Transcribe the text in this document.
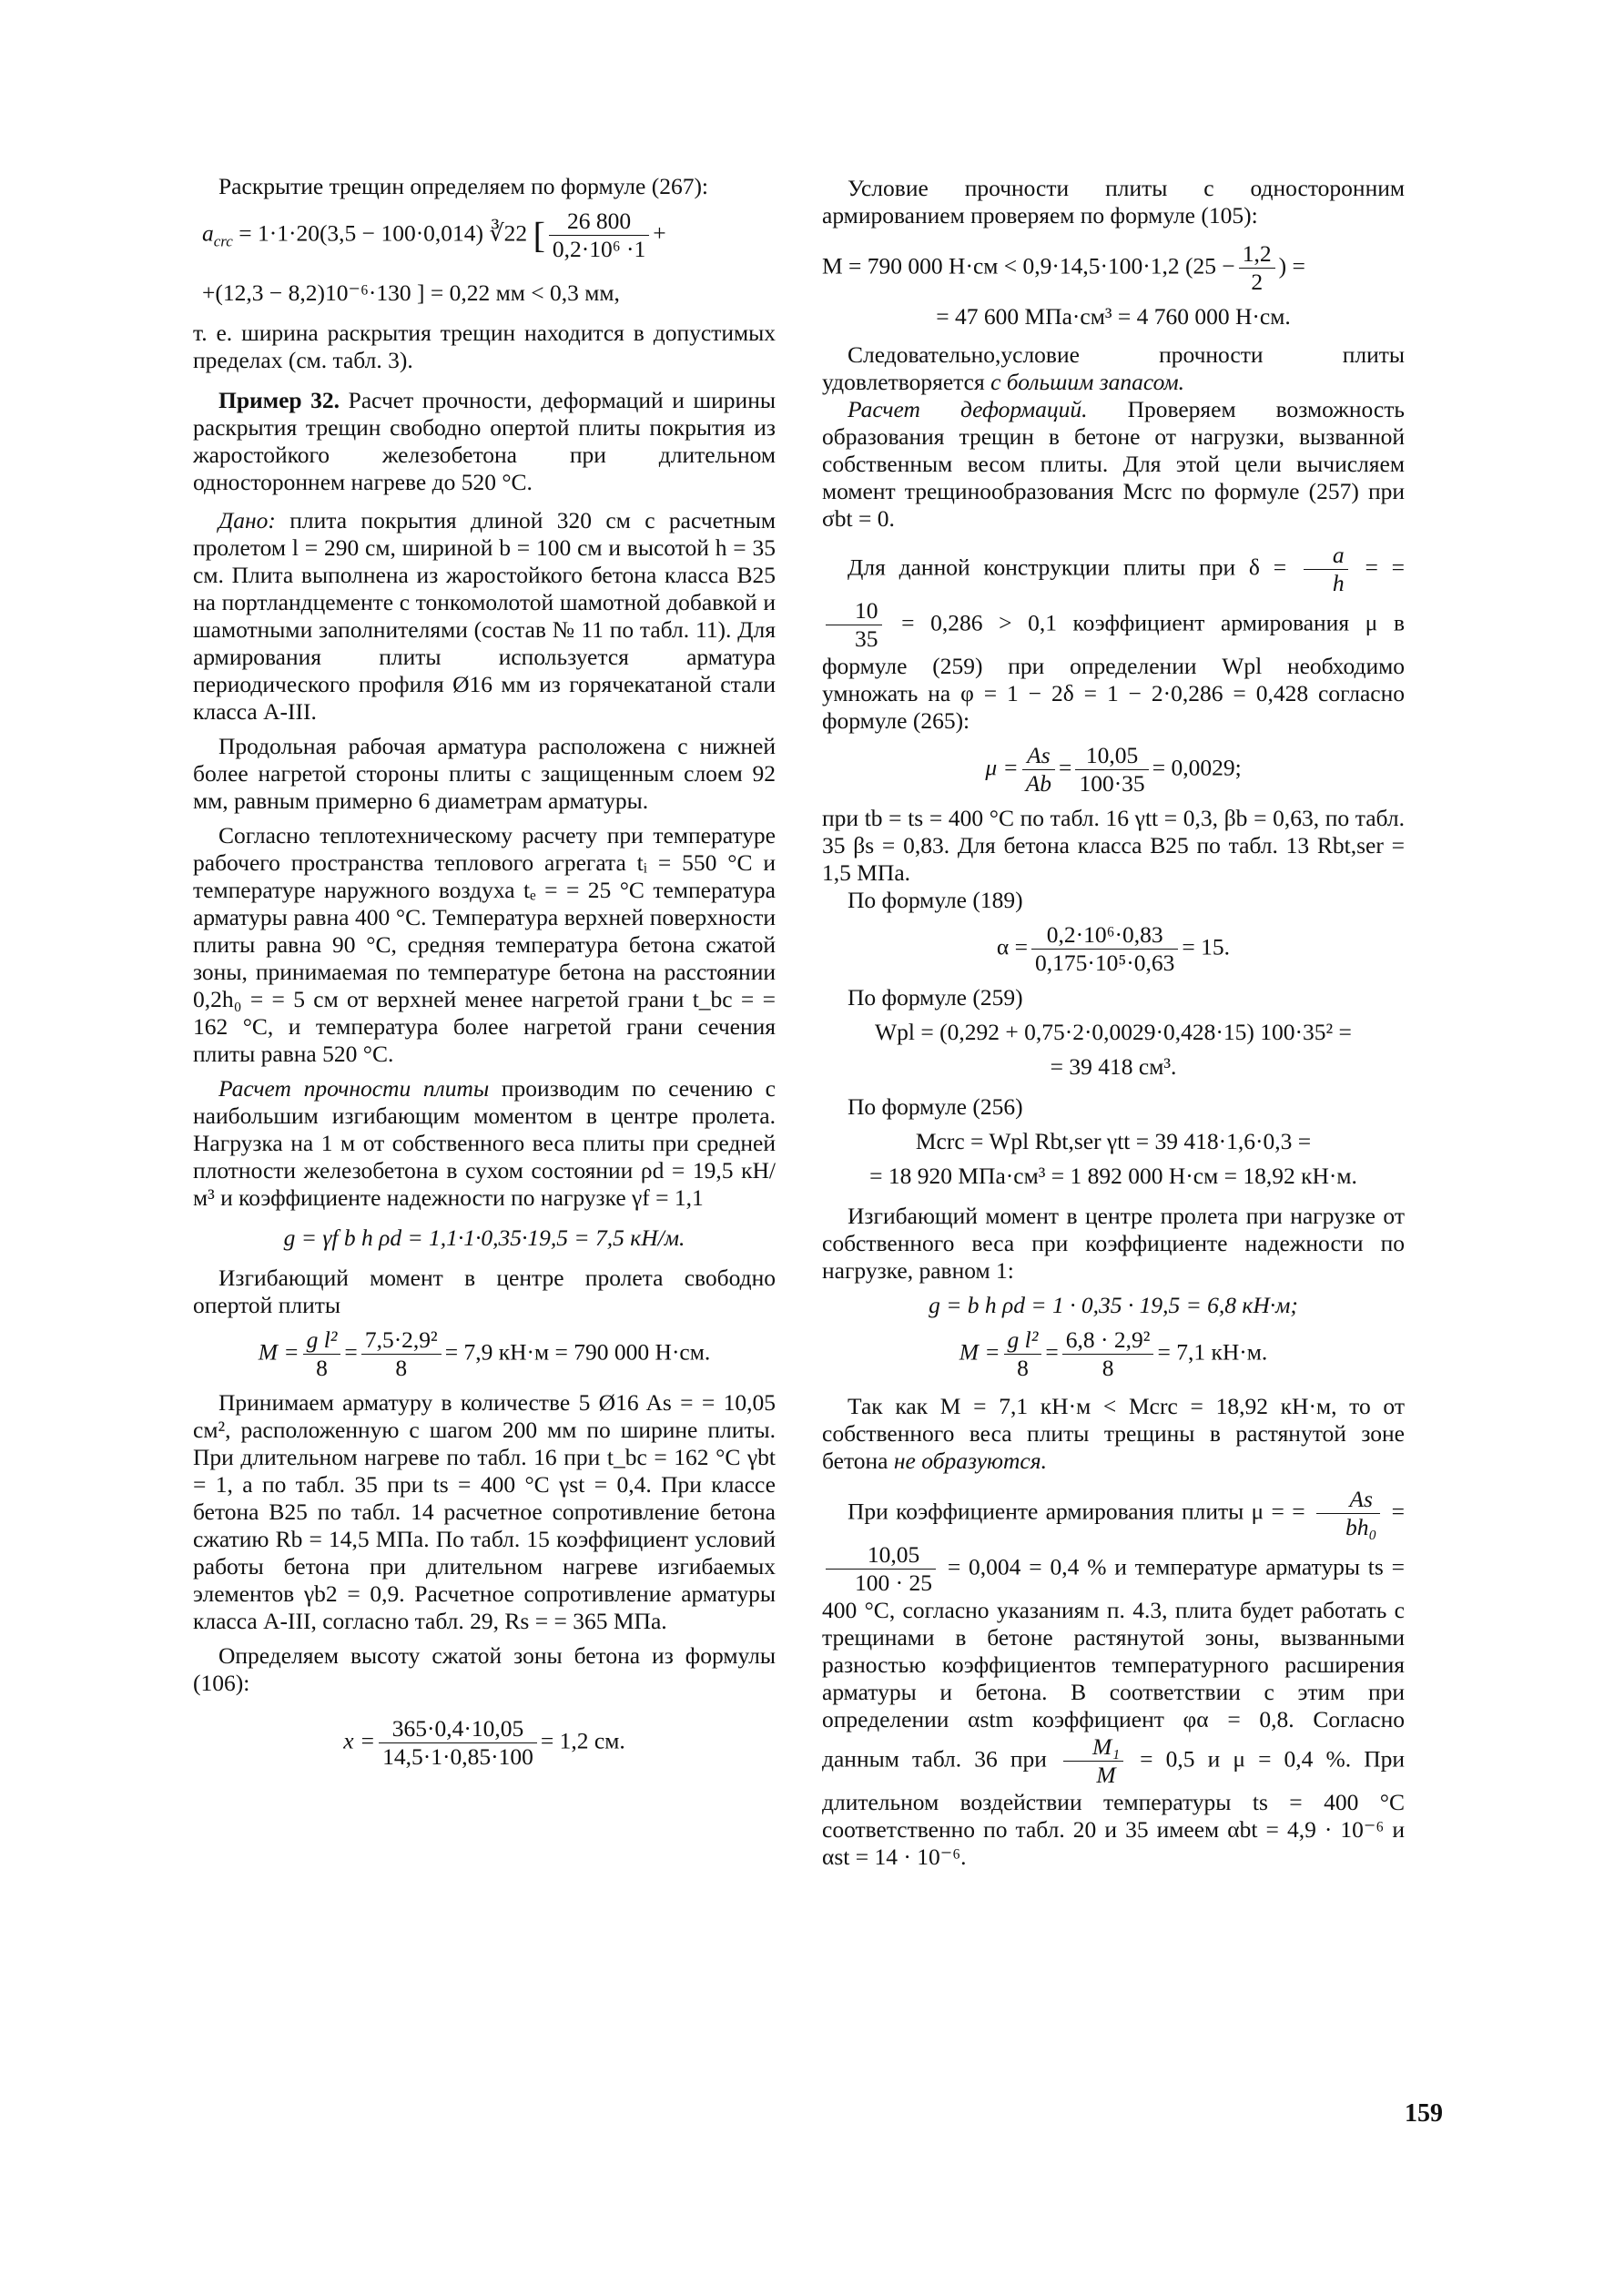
Раскрытие трещин определяем по формуле (267):

$a_{crc} = 1\cdot 1\cdot 20(3,5 - 100\cdot 0,014)$ ∛22 [ $\frac{26 800}{\text{0,2·10⁶ ·1}}$ +
+(12,3 − 8,2)10⁻⁶·130 ] = 0,22 мм < 0,3 мм,

т. е. ширина раскрытия трещин находится в допустимых пределах (см. табл. 3).

Пример 32. Расчет прочности, деформаций и ширины раскрытия трещин свободно опертой плиты покрытия из жаростойкого железобетона при длительном одностороннем нагреве до 520 °С.

Дано: плита покрытия длиной 320 см с расчетным пролетом l = 290 см, шириной b = 100 см и высотой h = 35 см. Плита выполнена из жаростойкого бетона класса В25 на портландцементе с тонкомолотой шамотной добавкой и шамотными заполнителями (состав № 11 по табл. 11). Для армирования плиты используется арматура периодического профиля Ø16 мм из горячекатаной стали класса A-III.

Продольная рабочая арматура расположена с нижней более нагретой стороны плиты с защищенным слоем 92 мм, равным примерно 6 диаметрам арматуры.

Согласно теплотехническому расчету при температуре рабочего пространства теплового агрегата tᵢ = 550 °С и температуре наружного воздуха tₑ = = 25 °С температура арматуры равна 400 °С. Температура верхней поверхности плиты равна 90 °С, средняя температура бетона сжатой зоны, принимаемая по температуре бетона на расстоянии 0,2h₀ = = 5 см от верхней менее нагретой грани t_bc = = 162 °С, и температура более нагретой грани сечения плиты равна 520 °С.

Расчет прочности плиты производим по сечению с наибольшим изгибающим моментом в центре пролета. Нагрузка на 1 м от собственного веса плиты при средней плотности железобетона в сухом состоянии ρd = 19,5 кН/м³ и коэффициенте надежности по нагрузке γf = 1,1

g = γf b h ρd = 1,1·1·0,35·19,5 = 7,5 кН/м.

Изгибающий момент в центре пролета свободно опертой плиты

$M = \frac{\text{g l²}}{8} = \frac{\text{7,5·2,9²}}{8} = 7,9$ кН·м = 790 000 Н·см.

Принимаем арматуру в количестве 5 Ø16 As = = 10,05 см², расположенную с шагом 200 мм по ширине плиты. При длительном нагреве по табл. 16 при t_bc = 162 °С γbt = 1, а по табл. 35 при ts = 400 °С γst = 0,4. При классе бетона В25 по табл. 14 расчетное сопротивление бетона сжатию Rb = 14,5 МПа. По табл. 15 коэффициент условий работы бетона при длительном нагреве изгибаемых элементов γb2 = 0,9. Расчетное сопротивление арматуры класса A-III, согласно табл. 29, Rs = = 365 МПа.

Определяем высоту сжатой зоны бетона из формулы (106):

$x = \frac{365\cdot 0,4\cdot 10,05}{14,5\cdot 1\cdot 0,85\cdot 100} = 1,2$ см.

Условие прочности плиты с односторонним армированием проверяем по формуле (105):

M = 790 000 Н·см < 0,9·14,5·100·1,2 ($25 - \frac{1,2}{2}$ ) =
= 47 600 МПа·см³ = 4 760 000 Н·см.

Следовательно,условие прочности плиты удовлетворяется с большим запасом.

Расчет деформаций. Проверяем возможность образования трещин в бетоне от нагрузки, вызванной собственным весом плиты. Для этой цели вычисляем момент трещинообразования Mcrc по формуле (257) при σbt = 0.

Для данной конструкции плиты при $\delta = \frac{a}{h}$ = =
$\frac{10}{35} = 0,286 > 0,1$ коэффициент армирования μ в формуле (259) при определении Wpl необходимо умножать на φ = 1 − 2δ = 1 − 2·0,286 = 0,428 согласно формуле (265):

$\mu = \frac{As}{Ab} = \frac{10,05}{100\cdot 35} = 0,0029$;

при tb = ts = 400 °С по табл. 16 γtt = 0,3, βb = 0,63, по табл. 35 βs = 0,83. Для бетона класса В25 по табл. 13 Rbt,ser = 1,5 МПа.

По формуле (189)

$\alpha = \frac{\text{0,2·10⁶·0,83}}{\text{0,175·10⁵·0,63}} = 15$.

По формуле (259)

Wpl = (0,292 + 0,75·2·0,0029·0,428·15) 100·35² =
= 39 418 см³.

По формуле (256)

Mcrc = Wpl Rbt,ser γtt = 39 418·1,6·0,3 =
= 18 920 МПа·см³ = 1 892 000 Н·см = 18,92 кН·м.

Изгибающий момент в центре пролета при нагрузке от собственного веса при коэффициенте надежности по нагрузке, равном 1:

g = b h ρd = 1 · 0,35 · 19,5 = 6,8 кН·м;
$M = \frac{\text{g l²}}{8} = \frac{\text{6,8 · 2,9²}}{8} = 7,1$ кН·м.

Так как M = 7,1 кН·м < Mcrc = 18,92 кН·м, то от собственного веса плиты трещины в растянутой зоне бетона не образуются.

При коэффициенте армирования плиты μ = = $\frac{As}{\text{bh₀}}$ =
$\frac{10,05}{100 \cdot 25} = 0,004 = 0,4$ % и температуре арматуры ts = 400 °С, согласно указаниям п. 4.3, плита будет работать с трещинами в бетоне растянутой зоны, вызванными разностью коэффициентов температурного расширения арматуры и бетона. В соответствии с этим при определении αstm коэффициент φα = 0,8. Согласно данным табл. 36 при $\frac{\text{M₁}}{M} = 0,5$ и μ = 0,4 %. При длительном воздействии температуры ts = 400 °С соответственно по табл. 20 и 35 имеем αbt = 4,9 · 10⁻⁶ и αst = 14 · 10⁻⁶.

159
